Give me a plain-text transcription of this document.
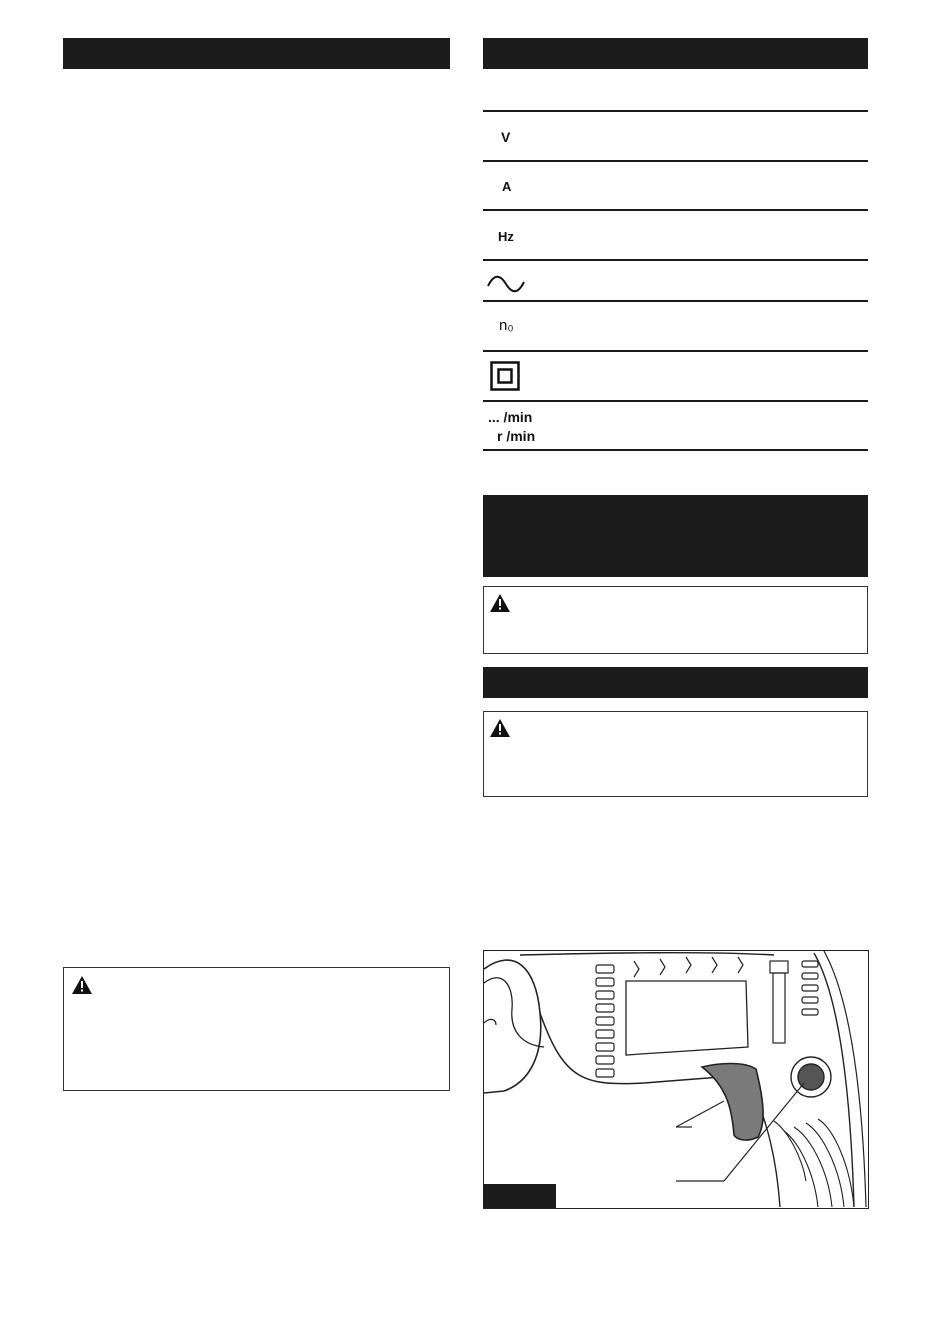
V
A
Hz
n₀
... /min
r /min
